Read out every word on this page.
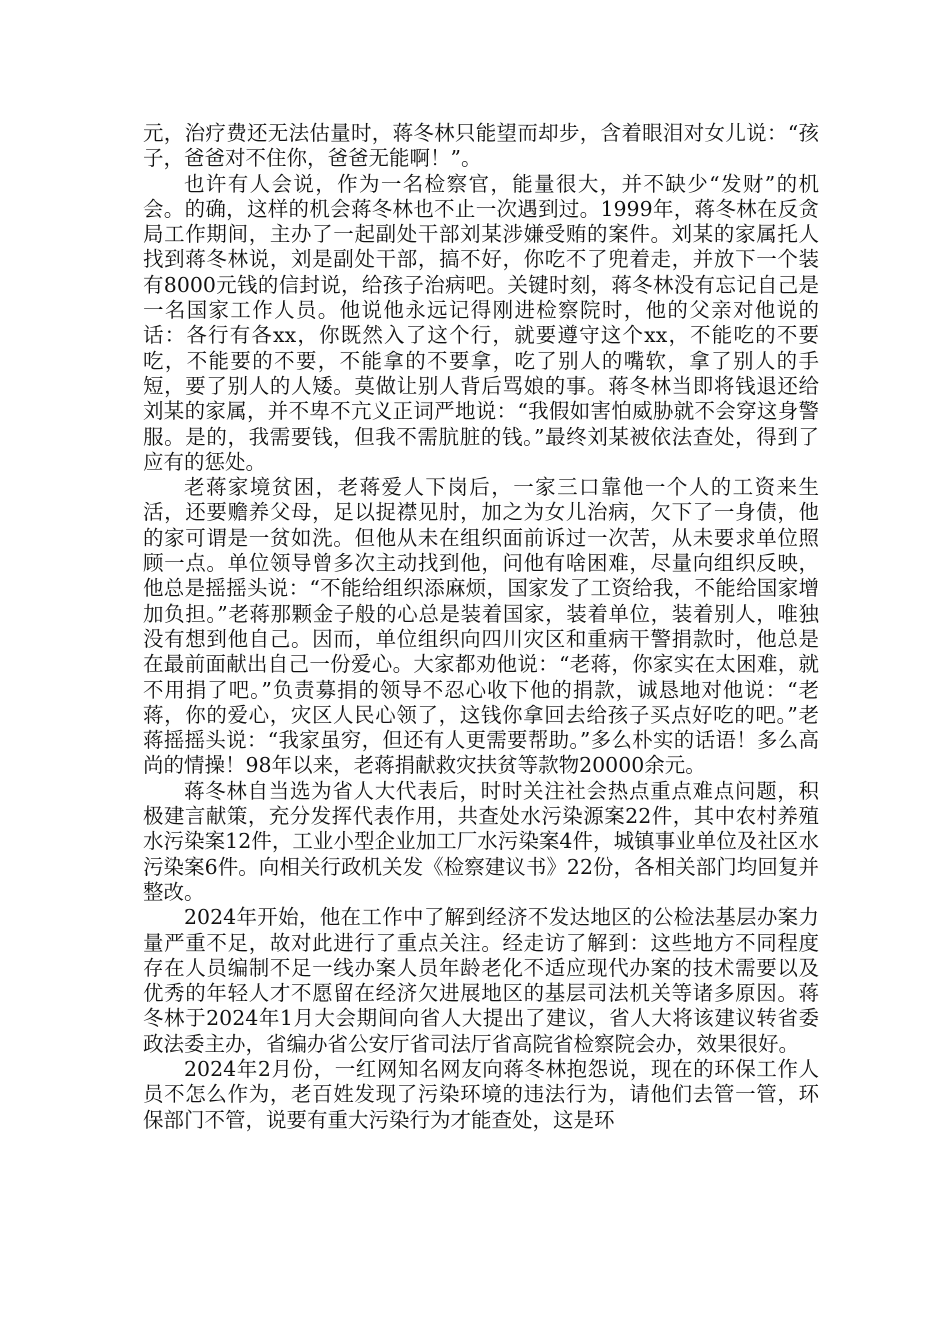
元，治疗费还无法估量时，蒋冬林只能望而却步，含着眼泪对女儿说：“孩子，爸爸对不住你，爸爸无能啊！”。

也许有人会说，作为一名检察官，能量很大，并不缺少“发财”的机会。的确，这样的机会蒋冬林也不止一次遇到过。1999年，蒋冬林在反贪局工作期间，主办了一起副处干部刘某涉嫌受贿的案件。刘某的家属托人找到蒋冬林说，刘是副处干部，搞不好，你吃不了兜着走，并放下一个装有8000元钱的信封说，给孩子治病吧。关键时刻，蒋冬林没有忘记自己是一名国家工作人员。他说他永远记得刚进检察院时，他的父亲对他说的话：各行有各xx，你既然入了这个行，就要遵守这个xx，不能吃的不要吃，不能要的不要，不能拿的不要拿，吃了别人的嘴软，拿了别人的手短，要了别人的人矮。莫做让别人背后骂娘的事。蒋冬林当即将钱退还给刘某的家属，并不卑不亢义正词严地说：“我假如害怕威胁就不会穿这身警服。是的，我需要钱，但我不需肮脏的钱。”最终刘某被依法查处，得到了应有的惩处。

老蒋家境贫困，老蒋爱人下岗后，一家三口靠他一个人的工资来生活，还要赡养父母，足以捉襟见肘，加之为女儿治病，欠下了一身债，他的家可谓是一贫如洗。但他从未在组织面前诉过一次苦，从未要求单位照顾一点。单位领导曾多次主动找到他，问他有啥困难，尽量向组织反映，他总是摇摇头说：“不能给组织添麻烦，国家发了工资给我，不能给国家增加负担。”老蒋那颗金子般的心总是装着国家，装着单位，装着别人，唯独没有想到他自己。因而，单位组织向四川灾区和重病干警捐款时，他总是在最前面献出自己一份爱心。大家都劝他说：“老蒋，你家实在太困难，就不用捐了吧。”负责募捐的领导不忍心收下他的捐款，诚恳地对他说：“老蒋，你的爱心，灾区人民心领了，这钱你拿回去给孩子买点好吃的吧。”老蒋摇摇头说：“我家虽穷，但还有人更需要帮助。”多么朴实的话语！多么高尚的情操！98年以来，老蒋捐献救灾扶贫等款物20000余元。

蒋冬林自当选为省人大代表后，时时关注社会热点重点难点问题，积极建言献策，充分发挥代表作用，共查处水污染源案22件，其中农村养殖水污染案12件，工业小型企业加工厂水污染案4件，城镇事业单位及社区水污染案6件。向相关行政机关发《检察建议书》22份，各相关部门均回复并整改。

2024年开始，他在工作中了解到经济不发达地区的公检法基层办案力量严重不足，故对此进行了重点关注。经走访了解到：这些地方不同程度存在人员编制不足一线办案人员年龄老化不适应现代办案的技术需要以及优秀的年轻人才不愿留在经济欠进展地区的基层司法机关等诸多原因。蒋冬林于2024年1月大会期间向省人大提出了建议，省人大将该建议转省委政法委主办，省编办省公安厅省司法厅省高院省检察院会办，效果很好。

2024年2月份，一红网知名网友向蒋冬林抱怨说，现在的环保工作人员不怎么作为，老百姓发现了污染环境的违法行为，请他们去管一管，环保部门不管，说要有重大污染行为才能查处，这是环
